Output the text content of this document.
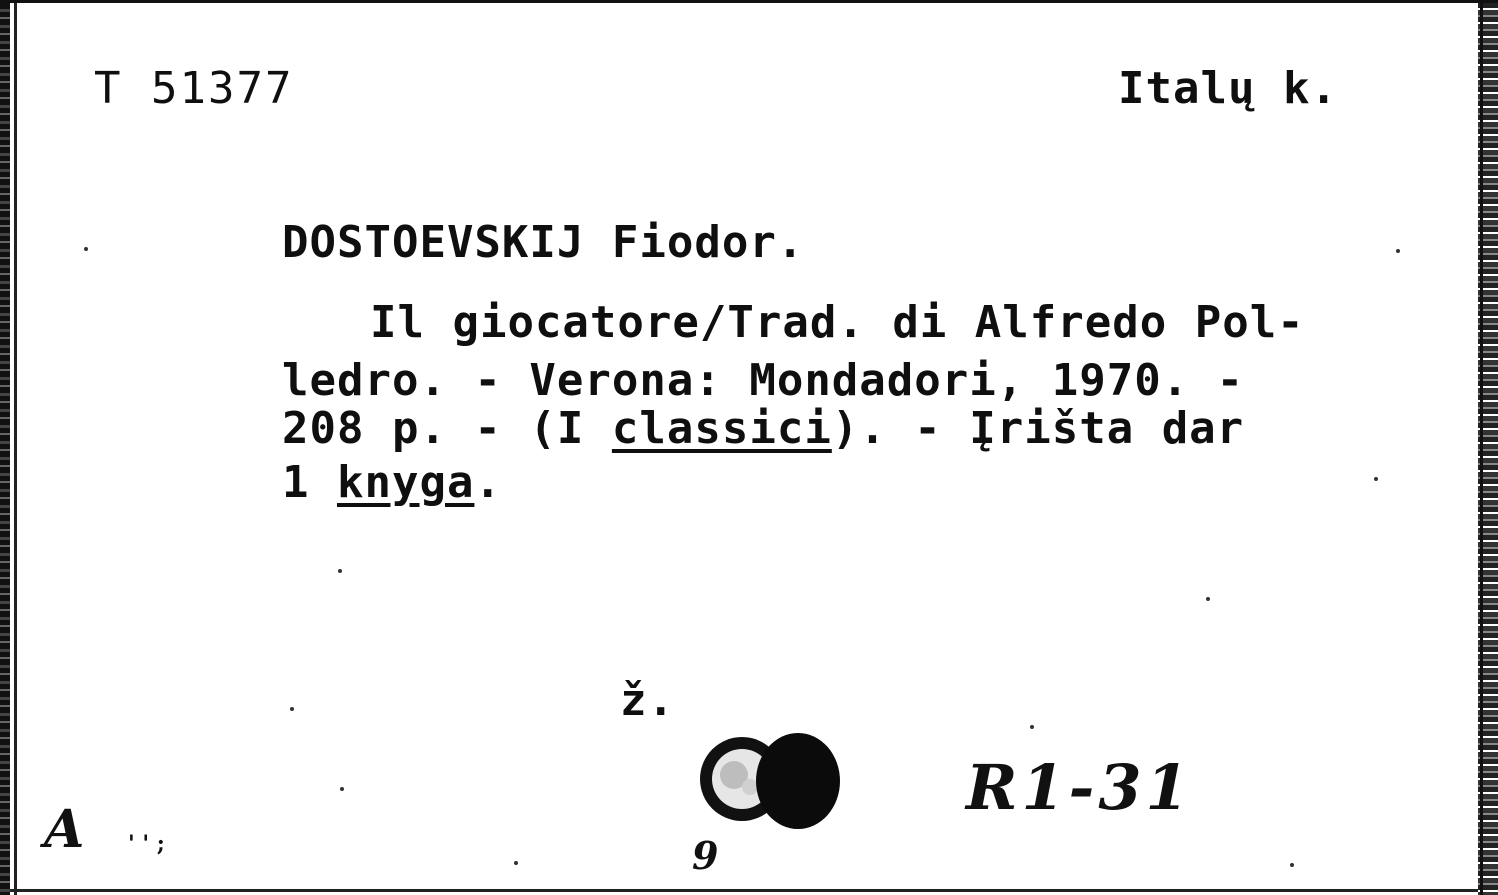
T 51377	Italų k.
DOSTOEVSKIJ Fiodor.
Il giocatore/Trad. di Alfredo Pol-
ledro. - Verona: Mondadori, 1970. -
208 p. - (I classici). - Įrišta dar
1 knyga.
ž.
R1-31
A ' ' ;	9
